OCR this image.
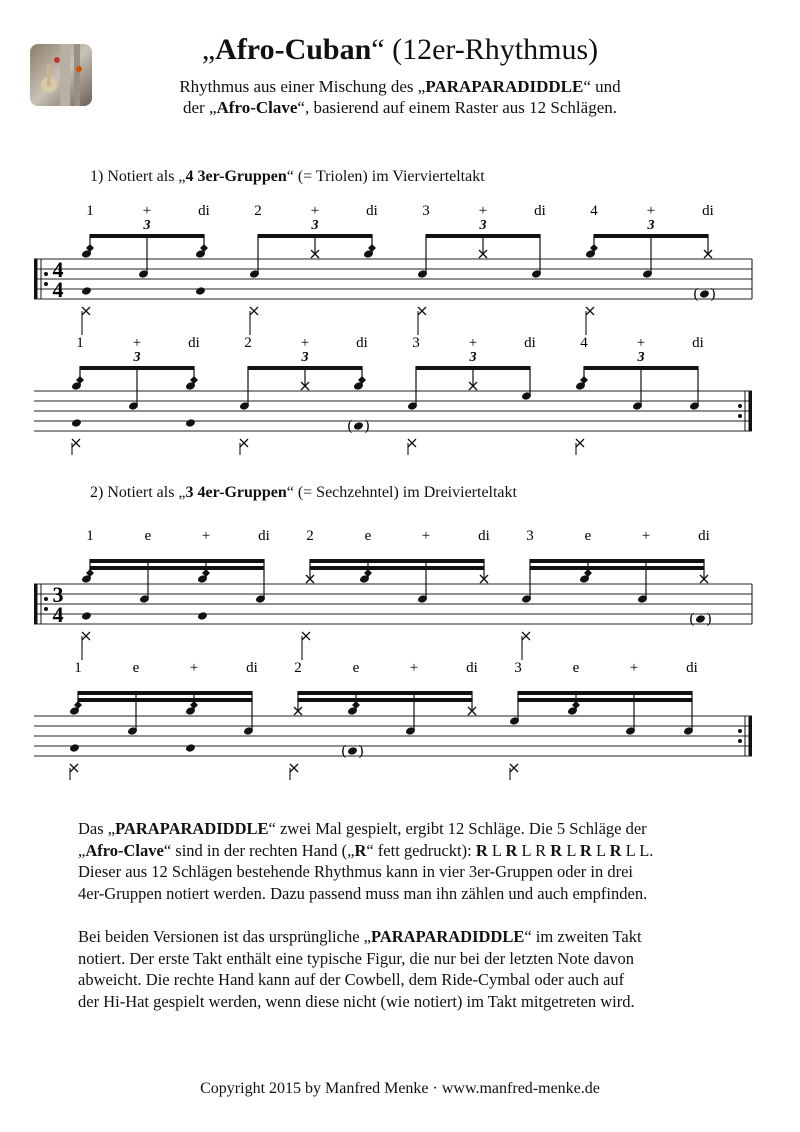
„Afro-Cuban“ (12er-Rhythmus)
Rhythmus aus einer Mischung des „PARAPARADIDDLE“ und
der „Afro-Clave“, basierend auf einem Raster aus 12 Schlägen.
1) Notiert als „4 3er-Gruppen“ (= Triolen) im Viervierteltakt
4
4
1	+	di	2	+	di	3	+	di	4	+	di
( )
3	3	3	3
1	+	di	2	+	di	3	+	di	4	+	di
( )
3	3	3	3
2) Notiert als „3 4er-Gruppen“ (= Sechzehntel) im Dreivierteltakt
3
4
1	e	+	di 2	e	+	di 3	e	+	di
( )
1	e	+	di 2	e	+	di 3	e	+	di
( )

Das „PARAPARADIDDLE“ zwei Mal gespielt, ergibt 12 Schläge. Die 5 Schläge der
„Afro-Clave“ sind in der rechten Hand („R“ fett gedruckt): R L R L R R L R L R L L.
Dieser aus 12 Schlägen bestehende Rhythmus kann in vier 3er-Gruppen oder in drei
4er-Gruppen notiert werden. Dazu passend muss man ihn zählen und auch empfinden.

Bei beiden Versionen ist das ursprüngliche „PARAPARADIDDLE“ im zweiten Takt
notiert. Der erste Takt enthält eine typische Figur, die nur bei der letzten Note davon
abweicht. Die rechte Hand kann auf der Cowbell, dem Ride-Cymbal oder auch auf
der Hi-Hat gespielt werden, wenn diese nicht (wie notiert) im Takt mitgetreten wird.

Copyright 2015 by Manfred Menke · www.manfred-menke.de
